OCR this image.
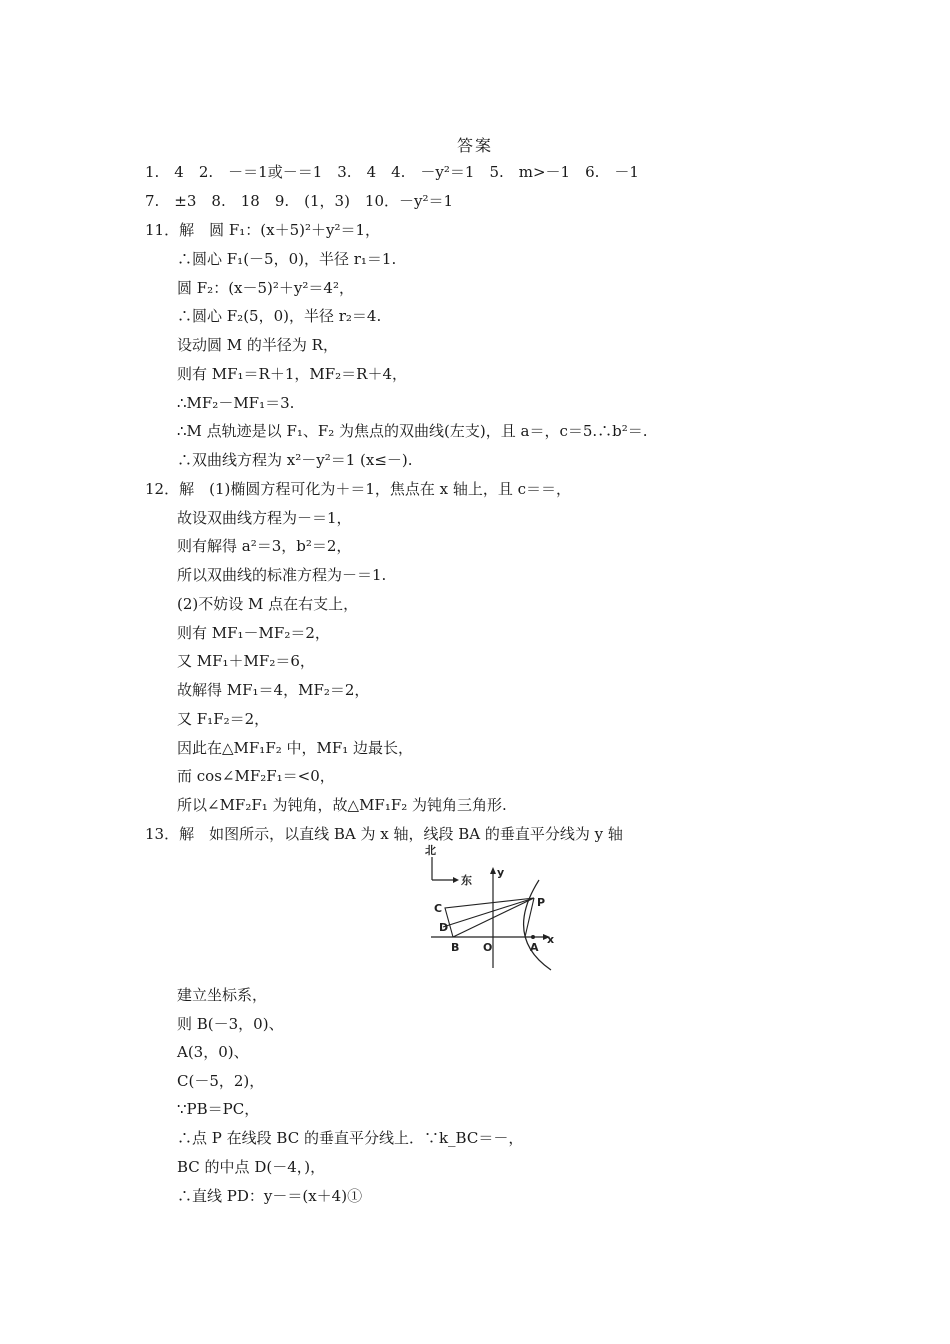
答案
1.　4　2.　－＝1或－＝1　3.　4　4.　－y²＝1　5.　m>－1　6.　－1
7.　±3　8.　18　9.　(1，3)　10．－y²＝1
11．解　圆 F₁：(x＋5)²＋y²＝1，
∴圆心 F₁(－5，0)，半径 r₁＝1.
圆 F₂：(x－5)²＋y²＝4²，
∴圆心 F₂(5，0)，半径 r₂＝4.
设动圆 M 的半径为 R，
则有 MF₁＝R＋1，MF₂＝R＋4，
∴MF₂－MF₁＝3.
∴M 点轨迹是以 F₁、F₂ 为焦点的双曲线(左支)，且 a＝，c＝5.∴b²＝.
∴双曲线方程为 x²－y²＝1 (x≤－).
12．解　(1)椭圆方程可化为＋＝1，焦点在 x 轴上，且 c＝＝，
故设双曲线方程为－＝1，
则有解得 a²＝3，b²＝2，
所以双曲线的标准方程为－＝1.
(2)不妨设 M 点在右支上，
则有 MF₁－MF₂＝2，
又 MF₁＋MF₂＝6，
故解得 MF₁＝4，MF₂＝2，
又 F₁F₂＝2，
因此在△MF₁F₂ 中，MF₁ 边最长，
而 cos∠MF₂F₁＝<0，
所以∠MF₂F₁ 为钝角，故△MF₁F₂ 为钝角三角形.
13．解　如图所示，以直线 BA 为 x 轴，线段 BA 的垂直平分线为 y 轴
北
东
y
x
P
C
D
B O	A
建立坐标系，
则 B(－3，0)、
A(3，0)、
C(－5，2)，
∵PB＝PC，
∴点 P 在线段 BC 的垂直平分线上．∵k_BC＝－，
BC 的中点 D(－4，)，
∴直线 PD：y－＝(x＋4)①
